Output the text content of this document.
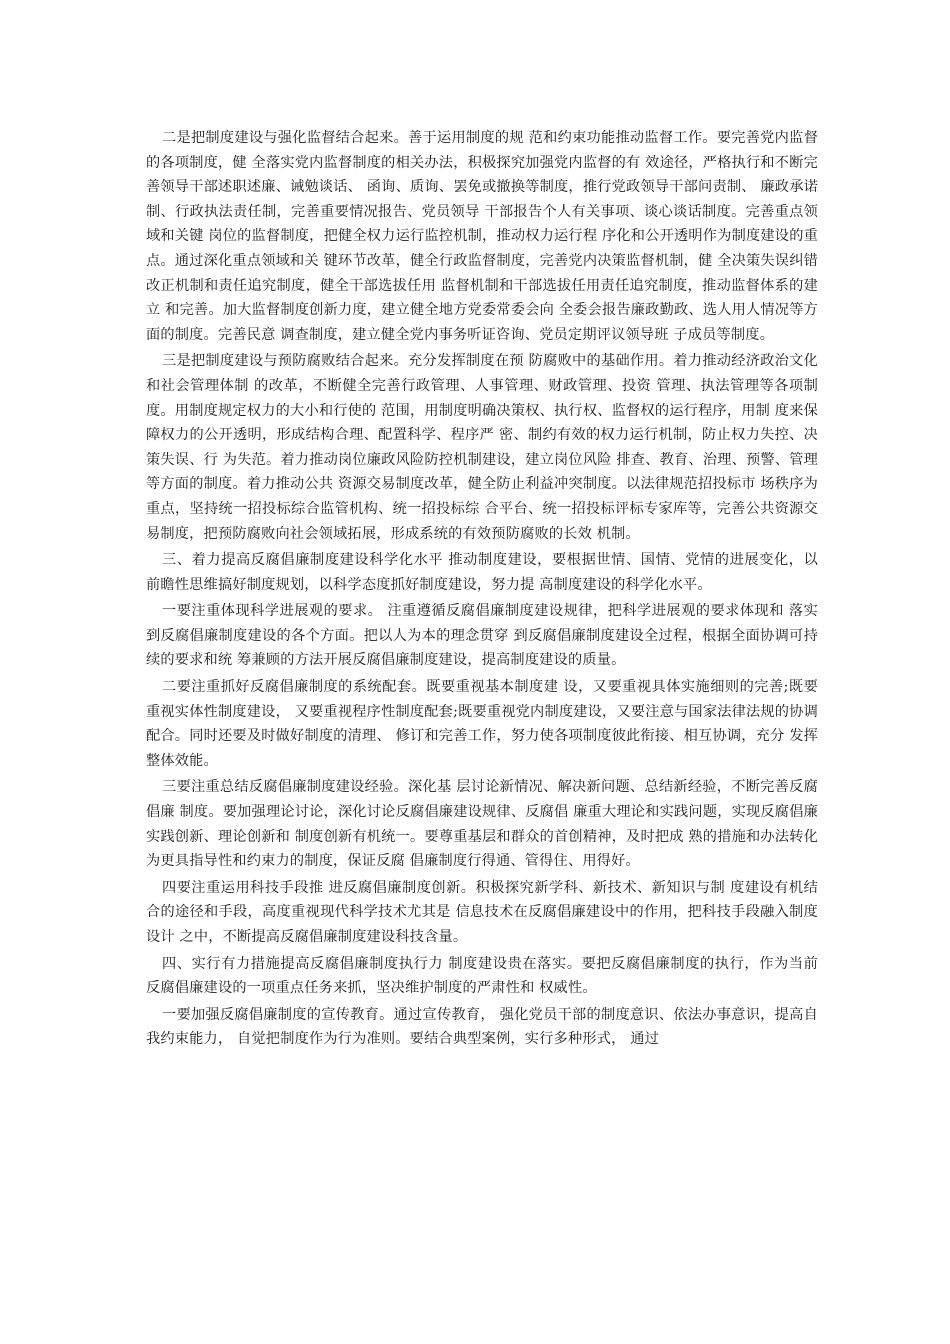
二是把制度建设与强化监督结合起来。善于运用制度的规 范和约束功能推动监督工作。要完善党内监督的各项制度，健 全落实党内监督制度的相关办法，积极探究加强党内监督的有 效途径，严格执行和不断完善领导干部述职述廉、诫勉谈话、 函询、质询、罢免或撤换等制度，推行党政领导干部问责制、 廉政承诺制、行政执法责任制，完善重要情况报告、党员领导 干部报告个人有关事项、谈心谈话制度。完善重点领域和关键 岗位的监督制度，把健全权力运行监控机制，推动权力运行程 序化和公开透明作为制度建设的重点。通过深化重点领域和关 键环节改革，健全行政监督制度，完善党内决策监督机制，健 全决策失误纠错改正机制和责任追究制度，健全干部选拔任用 监督机制和干部选拔任用责任追究制度，推动监督体系的建立 和完善。加大监督制度创新力度，建立健全地方党委常委会向 全委会报告廉政勤政、选人用人情况等方面的制度。完善民意 调查制度，建立健全党内事务听证咨询、党员定期评议领导班 子成员等制度。

三是把制度建设与预防腐败结合起来。充分发挥制度在预 防腐败中的基础作用。着力推动经济政治文化和社会管理体制 的改革，不断健全完善行政管理、人事管理、财政管理、投资 管理、执法管理等各项制度。用制度规定权力的大小和行使的 范围，用制度明确决策权、执行权、监督权的运行程序，用制 度来保障权力的公开透明，形成结构合理、配置科学、程序严 密、制约有效的权力运行机制，防止权力失控、决策失误、行 为失范。着力推动岗位廉政风险防控机制建设，建立岗位风险 排查、教育、治理、预警、管理等方面的制度。着力推动公共 资源交易制度改革，健全防止利益冲突制度。以法律规范招投标市 场秩序为重点，坚持统一招投标综合监管机构、统一招投标综 合平台、统一招投标评标专家库等，完善公共资源交易制度，把预防腐败向社会领域拓展，形成系统的有效预防腐败的长效 机制。

三、着力提高反腐倡廉制度建设科学化水平 推动制度建设，要根据世情、国情、党情的进展变化，以 前瞻性思维搞好制度规划，以科学态度抓好制度建设，努力提 高制度建设的科学化水平。

一要注重体现科学进展观的要求。 注重遵循反腐倡廉制度建设规律，把科学进展观的要求体现和 落实到反腐倡廉制度建设的各个方面。把以人为本的理念贯穿 到反腐倡廉制度建设全过程，根据全面协调可持续的要求和统 筹兼顾的方法开展反腐倡廉制度建设，提高制度建设的质量。

二要注重抓好反腐倡廉制度的系统配套。既要重视基本制度建 设，又要重视具体实施细则的完善;既要重视实体性制度建设， 又要重视程序性制度配套;既要重视党内制度建设，又要注意与国家法律法规的协调配合。同时还要及时做好制度的清理、 修订和完善工作，努力使各项制度彼此衔接、相互协调，充分 发挥整体效能。

三要注重总结反腐倡廉制度建设经验。深化基 层讨论新情况、解决新问题、总结新经验，不断完善反腐倡廉 制度。要加强理论讨论，深化讨论反腐倡廉建设规律、反腐倡 廉重大理论和实践问题，实现反腐倡廉实践创新、理论创新和 制度创新有机统一。要尊重基层和群众的首创精神，及时把成 熟的措施和办法转化为更具指导性和约束力的制度，保证反腐 倡廉制度行得通、管得住、用得好。

四要注重运用科技手段推 进反腐倡廉制度创新。积极探究新学科、新技术、新知识与制 度建设有机结合的途径和手段，高度重视现代科学技术尤其是 信息技术在反腐倡廉建设中的作用，把科技手段融入制度设计 之中，不断提高反腐倡廉制度建设科技含量。

四、实行有力措施提高反腐倡廉制度执行力 制度建设贵在落实。要把反腐倡廉制度的执行，作为当前 反腐倡廉建设的一项重点任务来抓，坚决维护制度的严肃性和 权威性。

一要加强反腐倡廉制度的宣传教育。通过宣传教育， 强化党员干部的制度意识、依法办事意识，提高自我约束能力， 自觉把制度作为行为准则。要结合典型案例，实行多种形式， 通过
